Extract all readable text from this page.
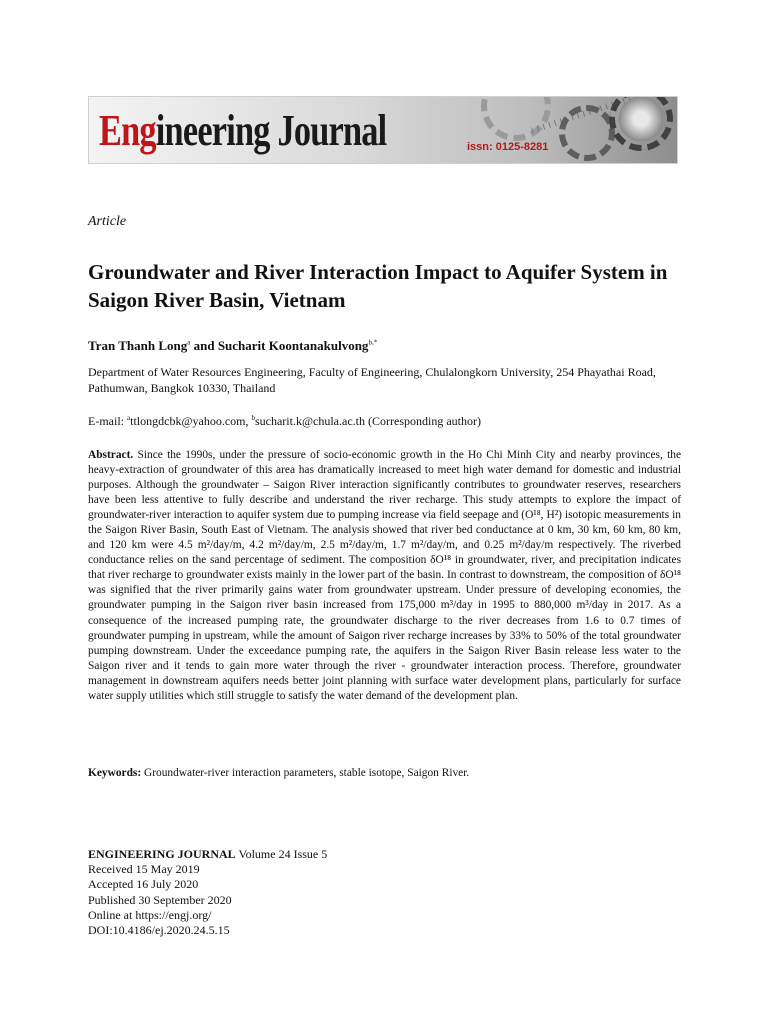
Engineering Journal	issn: 0125-8281
Article
Groundwater and River Interaction Impact to Aquifer System in Saigon River Basin, Vietnam
Tran Thanh Long$^a$ and Sucharit Koontanakulvong$^{b,*}$
Department of Water Resources Engineering, Faculty of Engineering, Chulalongkorn University, 254 Phayathai Road, Pathumwan, Bangkok 10330, Thailand
E-mail: $^a$ttlongdcbk@yahoo.com, $^b$sucharit.k@chula.ac.th (Corresponding author)

Abstract. Since the 1990s, under the pressure of socio-economic growth in the Ho Chi Minh City and nearby provinces, the heavy-extraction of groundwater of this area has dramatically increased to meet high water demand for domestic and industrial purposes. Although the groundwater – Saigon River interaction significantly contributes to groundwater reserves, researchers have been less attentive to fully describe and understand the river recharge. This study attempts to explore the impact of groundwater-river interaction to aquifer system due to pumping increase via field seepage and (O¹⁸, H²) isotopic measurements in the Saigon River Basin, South East of Vietnam. The analysis showed that river bed conductance at 0 km, 30 km, 60 km, 80 km, and 120 km were 4.5 m²/day/m, 4.2 m²/day/m, 2.5 m²/day/m, 1.7 m²/day/m, and 0.25 m²/day/m respectively. The riverbed conductance relies on the sand percentage of sediment. The composition δO¹⁸ in groundwater, river, and precipitation indicates that river recharge to groundwater exists mainly in the lower part of the basin. In contrast to downstream, the composition of δO¹⁸ was signified that the river primarily gains water from groundwater upstream. Under pressure of developing economies, the groundwater pumping in the Saigon river basin increased from 175,000 m³/day in 1995 to 880,000 m³/day in 2017. As a consequence of the increased pumping rate, the groundwater discharge to the river decreases from 1.6 to 0.7 times of groundwater pumping in upstream, while the amount of Saigon river recharge increases by 33% to 50% of the total groundwater pumping downstream. Under the exceedance pumping rate, the aquifers in the Saigon River Basin release less water to the Saigon river and it tends to gain more water through the river - groundwater interaction process. Therefore, groundwater management in downstream aquifers needs better joint planning with surface water development plans, particularly for surface water supply utilities which still struggle to satisfy the water demand of the development plan.

Keywords: Groundwater-river interaction parameters, stable isotope, Saigon River.
ENGINEERING JOURNAL Volume 24 Issue 5
Received 15 May 2019
Accepted 16 July 2020
Published 30 September 2020
Online at https://engj.org/
DOI:10.4186/ej.2020.24.5.15
